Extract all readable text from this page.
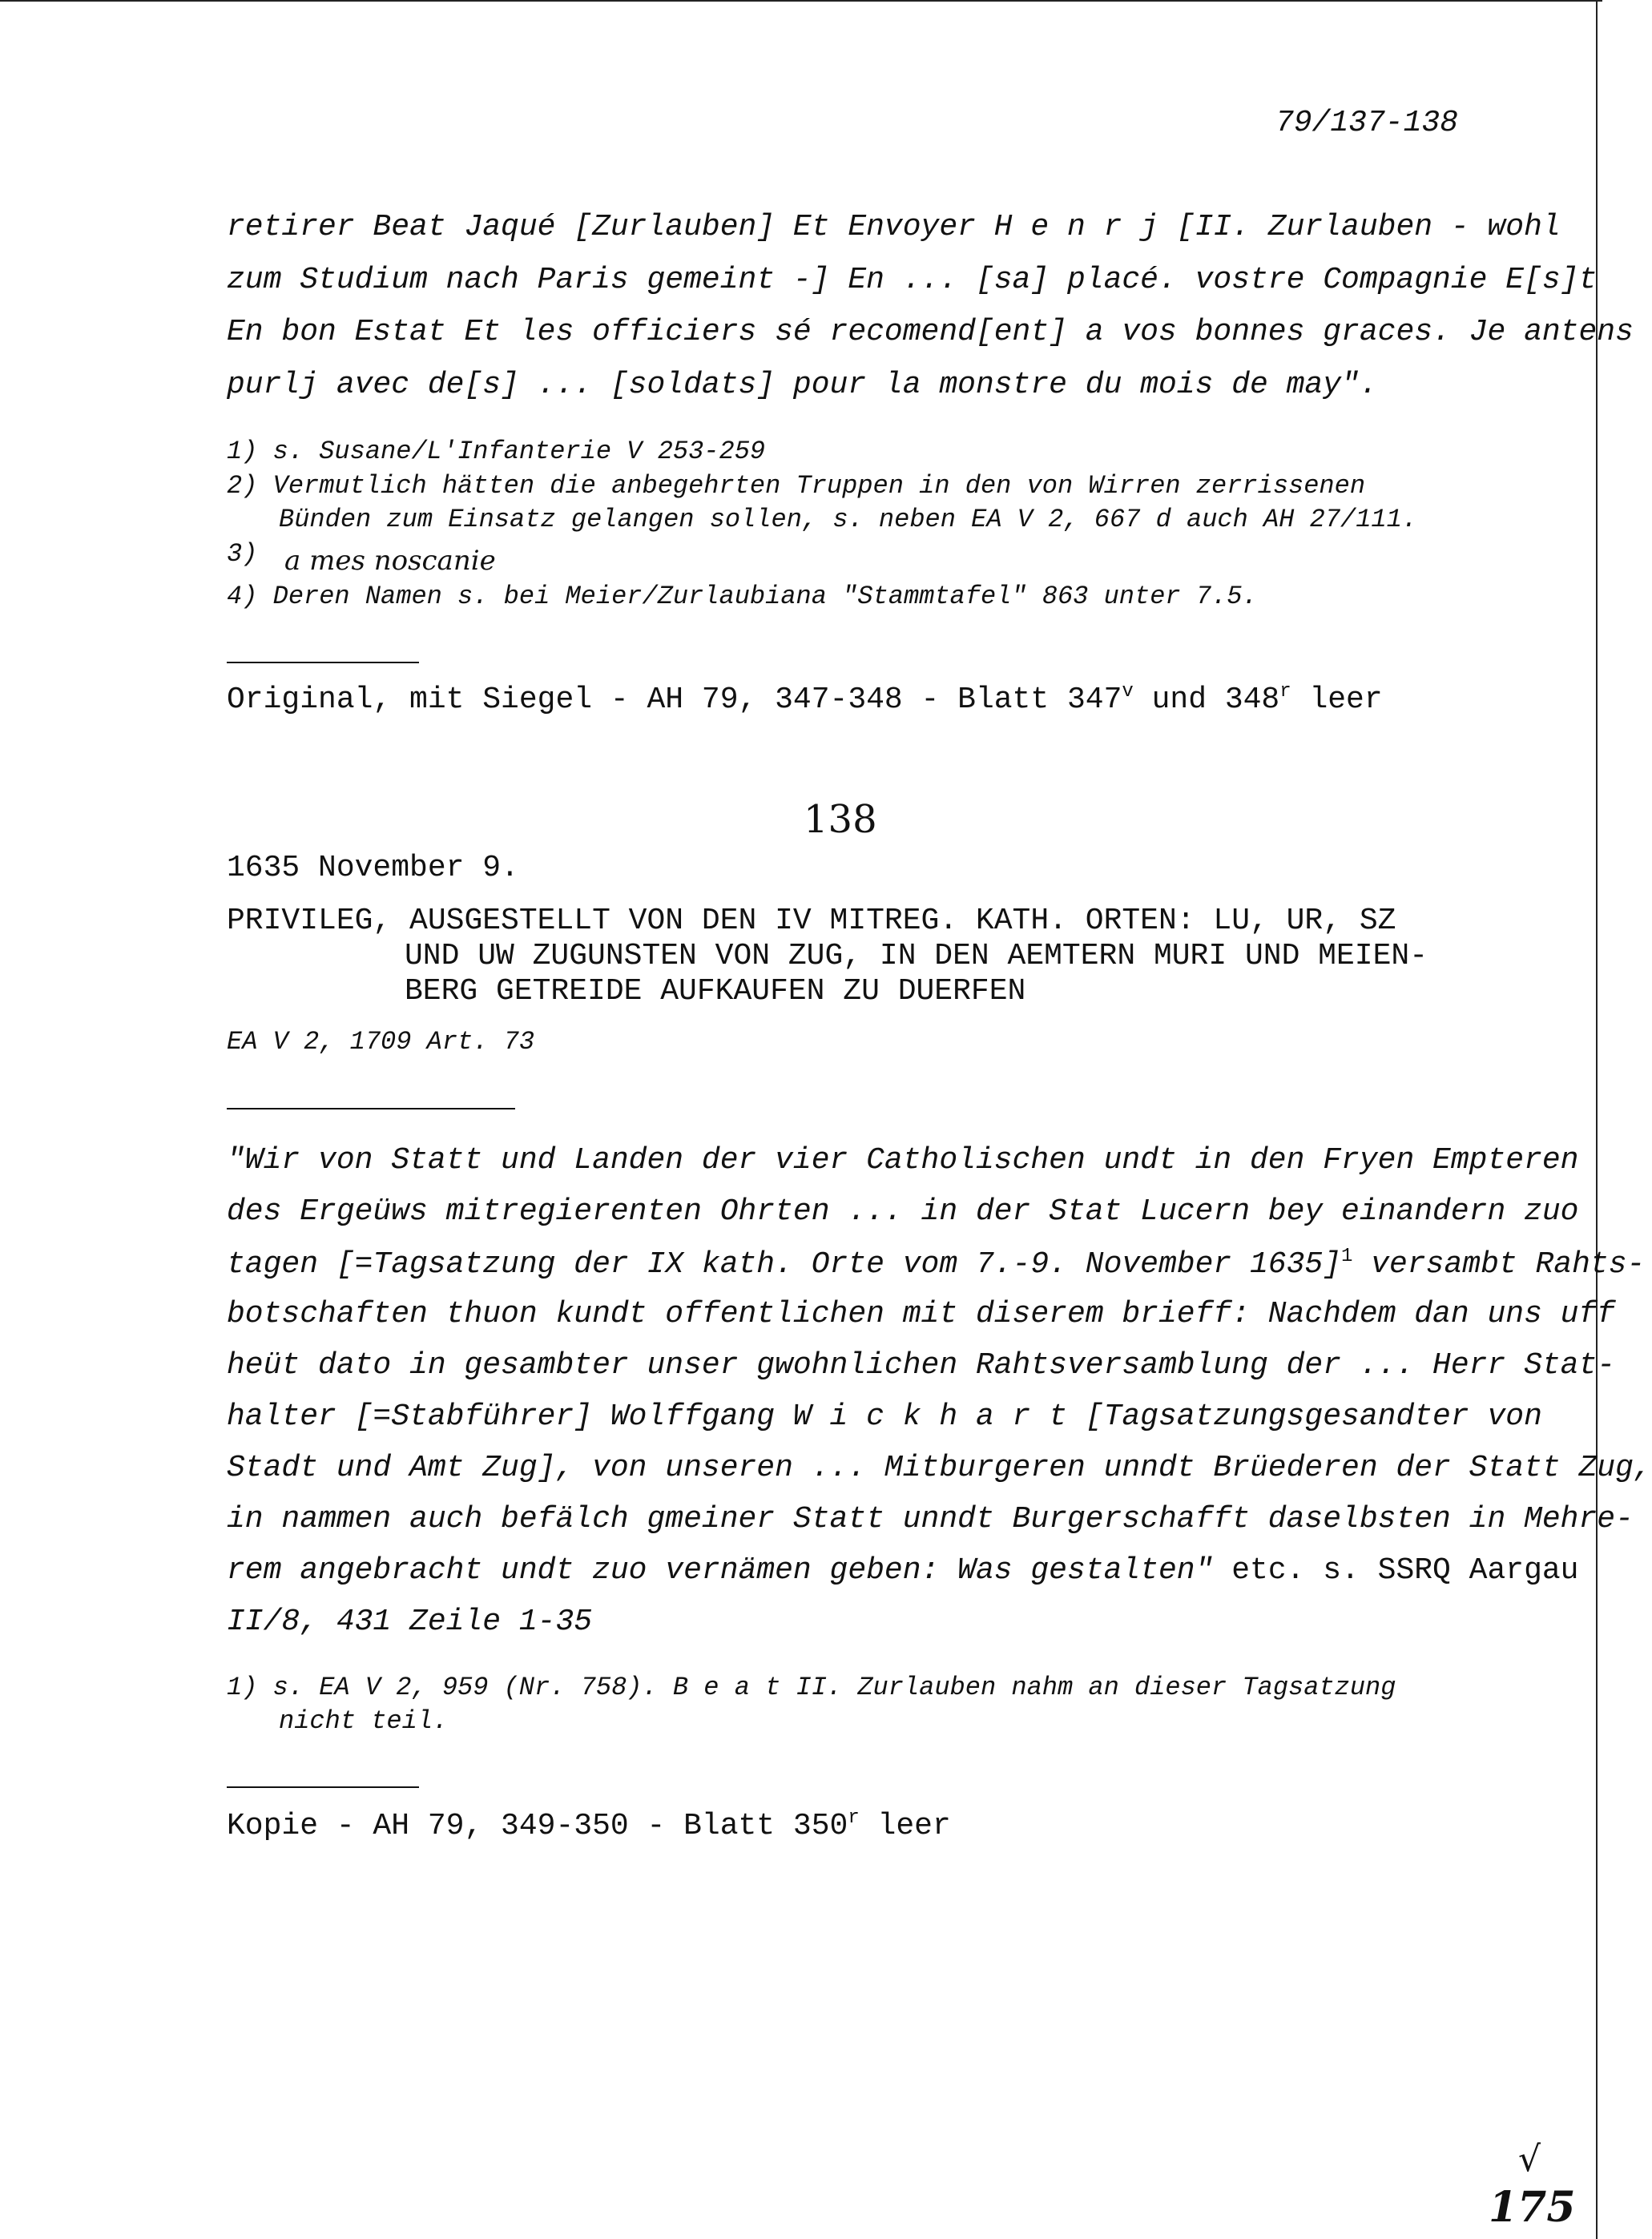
79/137-138
retirer Beat Jaqué [Zurlauben] Et Envoyer H e n r j [II. Zurlauben - wohl
zum Studium nach Paris gemeint -] En ... [sa] placé. vostre Compagnie E[s]t
En bon Estat Et les officiers sé recomend[ent] a vos bonnes graces. Je antens
purlj avec de[s] ... [soldats] pour la monstre du mois de may".
1) s. Susane/L'Infanterie V 253-259
2) Vermutlich hätten die anbegehrten Truppen in den von Wirren zerrissenen
Bünden zum Einsatz gelangen sollen, s. neben EA V 2, 667 d auch AH 27/111.
3) a mes noscanie
4) Deren Namen s. bei Meier/Zurlaubiana "Stammtafel" 863 unter 7.5.
Original, mit Siegel - AH 79, 347-348 - Blatt 347$^v$ und 348$^r$ leer
138
1635 November 9.
PRIVILEG, AUSGESTELLT VON DEN IV MITREG. KATH. ORTEN: LU, UR, SZ
UND UW ZUGUNSTEN VON ZUG, IN DEN AEMTERN MURI UND MEIEN-
BERG GETREIDE AUFKAUFEN ZU DUERFEN
EA V 2, 1709 Art. 73
"Wir von Statt und Landen der vier Catholischen undt in den Fryen Empteren
des Ergeüws mitregierenten Ohrten ... in der Stat Lucern bey einandern zuo
tagen [=Tagsatzung der IX kath. Orte vom 7.-9. November 1635]$^1$ versambt Rahts-
botschaften thuon kundt offentlichen mit diserem brieff: Nachdem dan uns uff
heüt dato in gesambter unser gwohnlichen Rahtsversamblung der ... Herr Stat-
halter [=Stabführer] Wolffgang W i c k h a r t [Tagsatzungsgesandter von
Stadt und Amt Zug], von unseren ... Mitburgeren unndt Brüederen der Statt Zug,
in nammen auch befälch gmeiner Statt unndt Burgerschafft daselbsten in Mehre-
rem angebracht undt zuo vernämen geben: Was gestalten" etc. s. SSRQ Aargau
II/8, 431 Zeile 1-35
1) s. EA V 2, 959 (Nr. 758). B e a t II. Zurlauben nahm an dieser Tagsatzung
nicht teil.
Kopie - AH 79, 349-350 - Blatt 350$^r$ leer
√
175
